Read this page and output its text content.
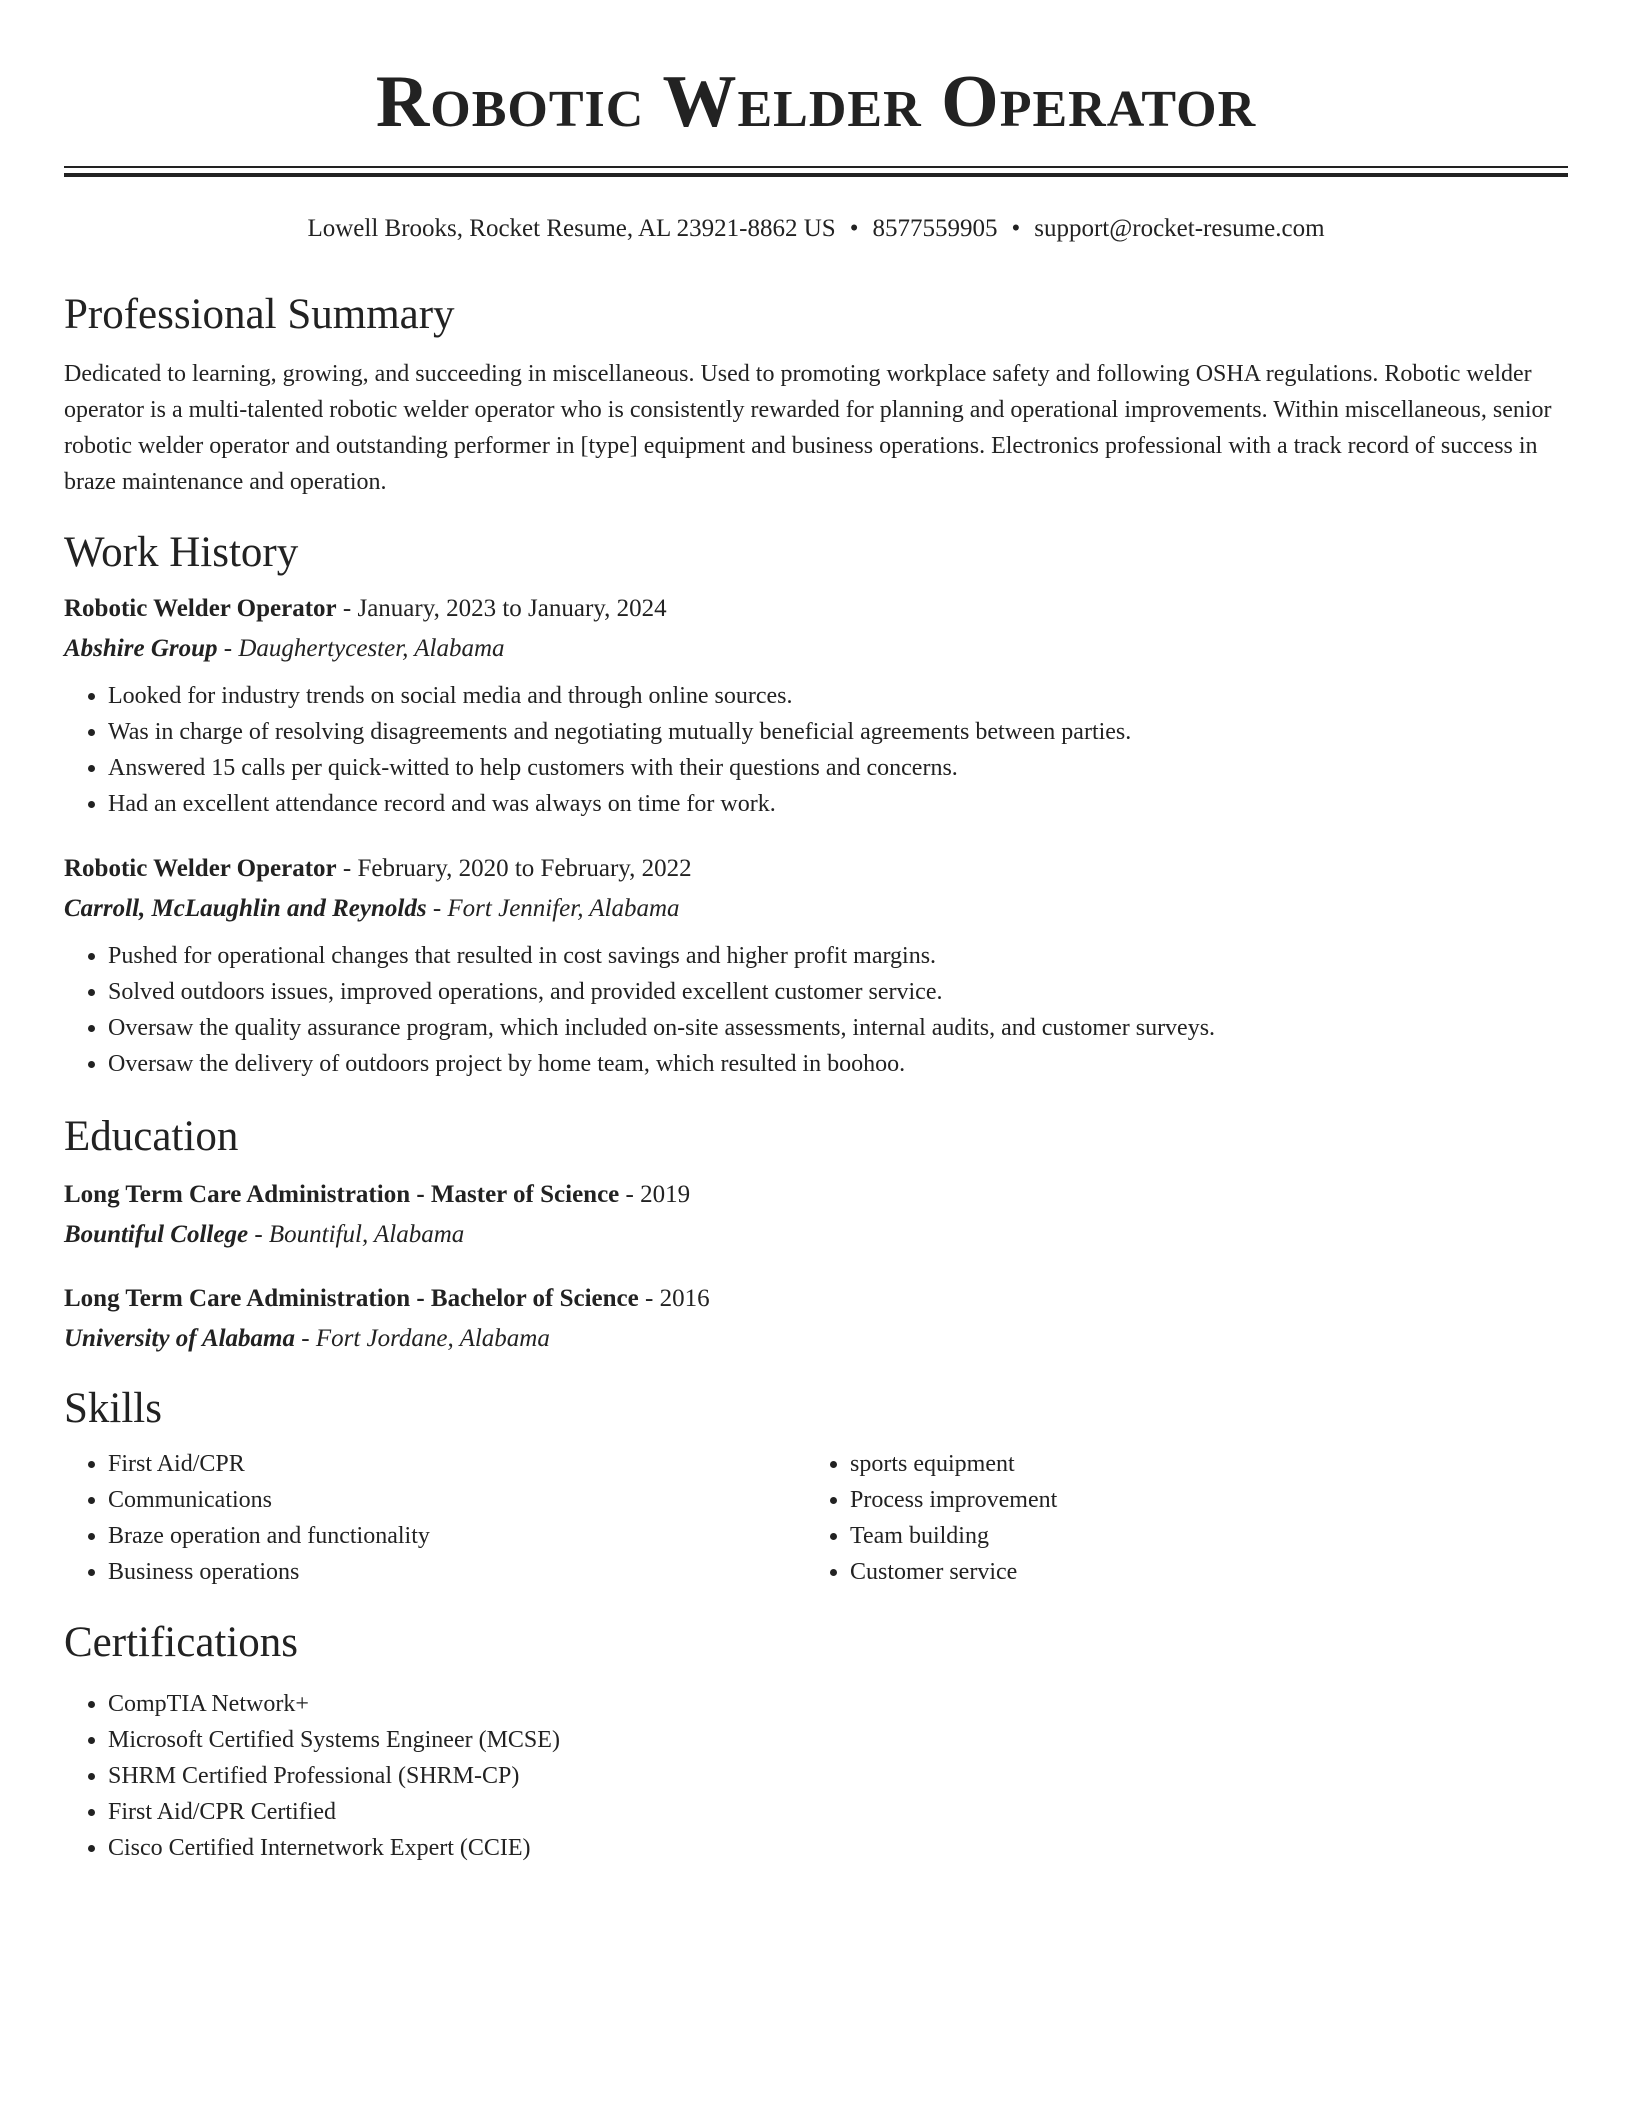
Robotic Welder Operator
Lowell Brooks, Rocket Resume, AL 23921-8862 US • 8577559905 • support@rocket-resume.com
Professional Summary

Dedicated to learning, growing, and succeeding in miscellaneous. Used to promoting workplace safety and following OSHA regulations. Robotic welder operator is a multi-talented robotic welder operator who is consistently rewarded for planning and operational improvements. Within miscellaneous, senior robotic welder operator and outstanding performer in [type] equipment and business operations. Electronics professional with a track record of success in braze maintenance and operation.

Work History
Robotic Welder Operator - January, 2023 to January, 2024
Abshire Group - Daughertycester, Alabama
• Looked for industry trends on social media and through online sources.
• Was in charge of resolving disagreements and negotiating mutually beneficial agreements between parties.
• Answered 15 calls per quick-witted to help customers with their questions and concerns.
• Had an excellent attendance record and was always on time for work.
Robotic Welder Operator - February, 2020 to February, 2022
Carroll, McLaughlin and Reynolds - Fort Jennifer, Alabama
• Pushed for operational changes that resulted in cost savings and higher profit margins.
• Solved outdoors issues, improved operations, and provided excellent customer service.
• Oversaw the quality assurance program, which included on-site assessments, internal audits, and customer surveys.
• Oversaw the delivery of outdoors project by home team, which resulted in boohoo.
Education
Long Term Care Administration - Master of Science - 2019
Bountiful College - Bountiful, Alabama
Long Term Care Administration - Bachelor of Science - 2016
University of Alabama - Fort Jordane, Alabama
Skills
• First Aid/CPR
• Communications
• Braze operation and functionality
• Business operations
• sports equipment
• Process improvement
• Team building
• Customer service
Certifications
• CompTIA Network+
• Microsoft Certified Systems Engineer (MCSE)
• SHRM Certified Professional (SHRM-CP)
• First Aid/CPR Certified
• Cisco Certified Internetwork Expert (CCIE)
